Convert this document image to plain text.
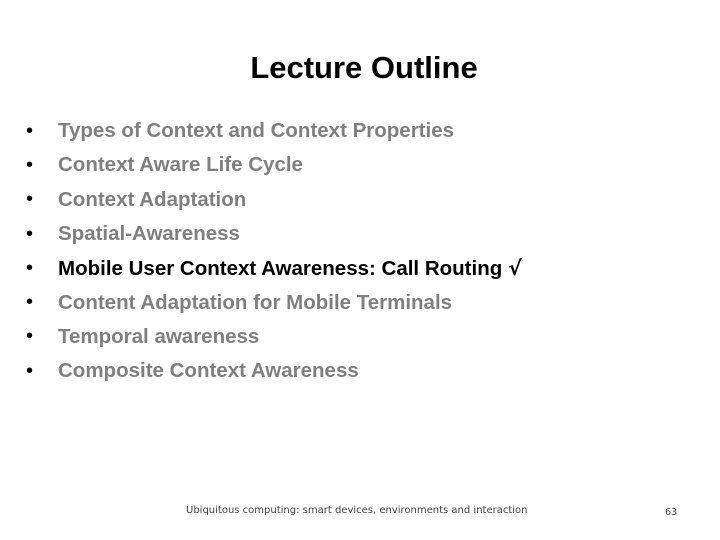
Lecture Outline
•	Types of Context and Context Properties
•	Context Aware Life Cycle
•	Context Adaptation
•	Spatial-Awareness
•	Mobile User Context Awareness: Call Routing √
•	Content Adaptation for Mobile Terminals
•	Temporal awareness
•	Composite Context Awareness
Ubiquitous computing: smart devices, environments and interaction	63
